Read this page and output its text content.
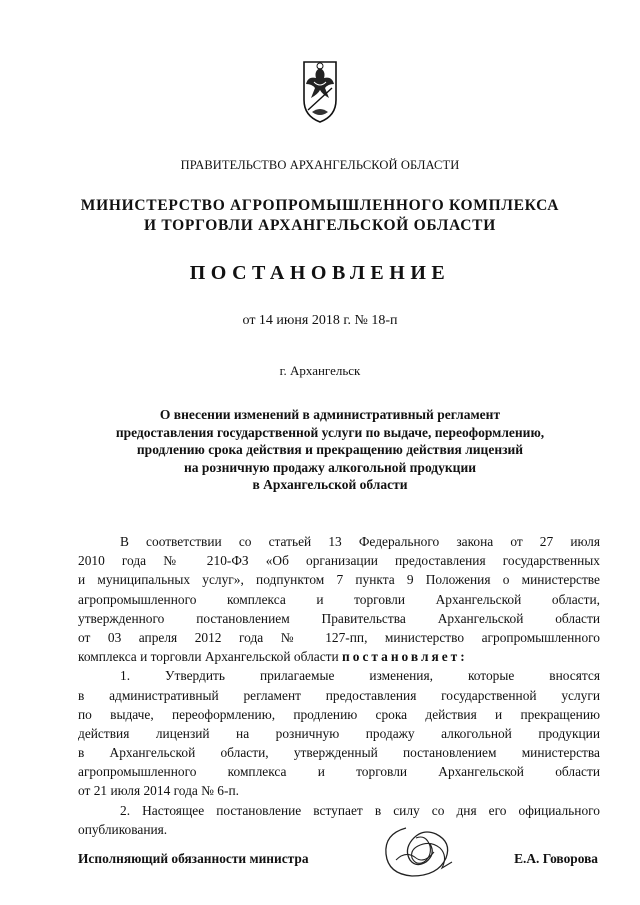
ПРАВИТЕЛЬСТВО АРХАНГЕЛЬСКОЙ ОБЛАСТИ
МИНИСТЕРСТВО АГРОПРОМЫШЛЕННОГО КОМПЛЕКСА
И ТОРГОВЛИ АРХАНГЕЛЬСКОЙ ОБЛАСТИ
ПОСТАНОВЛЕНИЕ
от 14 июня 2018 г. № 18-п
г. Архангельск
О внесении изменений в административный регламент
предоставления государственной услуги по выдаче, переоформлению,
продлению срока действия и прекращению действия лицензий
на розничную продажу алкогольной продукции
в Архангельской области
В соответствии со статьей 13 Федерального закона от 27 июля
2010 года № 210-ФЗ «Об организации предоставления государственных
и муниципальных услуг», подпунктом 7 пункта 9 Положения о министерстве
агропромышленного комплекса и торговли Архангельской области,
утвержденного постановлением Правительства Архангельской области
от 03 апреля 2012 года № 127-пп, министерство агропромышленного
комплекса и торговли Архангельской области постановляет:
1. Утвердить прилагаемые изменения, которые вносятся
в административный регламент предоставления государственной услуги
по выдаче, переоформлению, продлению срока действия и прекращению
действия лицензий на розничную продажу алкогольной продукции
в Архангельской области, утвержденный постановлением министерства
агропромышленного комплекса и торговли Архангельской области
от 21 июля 2014 года № 6-п.
2. Настоящее постановление вступает в силу со дня его официального
опубликования.
Исполняющий обязанности министра	Е.А. Говорова
